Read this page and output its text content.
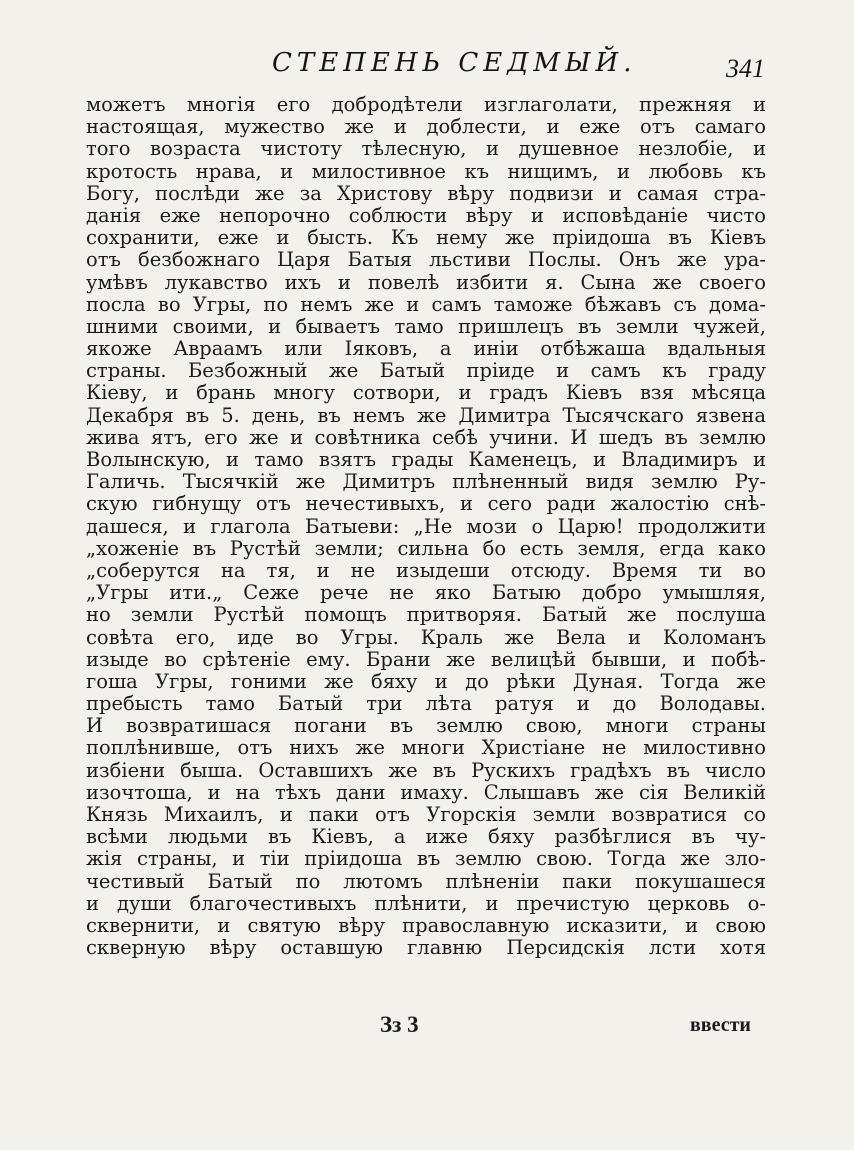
СТЕПЕНЬ СЕДМЫЙ.	341
можетъ многія его добродѣтели изглаголати, прежняя и
настоящая, мужество же и доблести, и еже отъ самаго
того возраста чистоту тѣлесную, и душевное незлобіе, и
кротость нрава, и милостивное къ нищимъ, и любовь къ
Богу, послѣди же за Христову вѣру подвизи и самая стра-
данія еже непорочно соблюсти вѣру и исповѣданіе чисто
сохранити, еже и бысть. Къ нему же пріидоша въ Кіевъ
отъ безбожнаго Царя Батыя льстиви Послы. Онъ же ура-
умѣвъ лукавство ихъ и повелѣ избити я. Сына же своего
посла во Угры, по немъ же и самъ таможе бѣжавъ съ дома-
шними своими, и бываетъ тамо пришлецъ въ земли чужей,
якоже Авраамъ или Іяковъ, а иніи отбѣжаша вдальныя
страны. Безбожный же Батый пріиде и самъ къ граду
Кіеву, и брань многу сотвори, и градъ Кіевъ взя мѣсяца
Декабря въ 5. день, въ немъ же Димитра Тысячскаго язвена
жива ятъ, его же и совѣтника себѣ учини. И шедъ въ землю
Волынскую, и тамо взятъ грады Каменецъ, и Владимиръ и
Галичь. Тысячкій же Димитръ плѣненный видя землю Ру-
скую гибнущу отъ нечестивыхъ, и сего ради жалостію снѣ-
дашеся, и глагола Батыеви: „Не мози о Царю! продолжити
„хоженіе въ Рустѣй земли; сильна бо есть земля, егда како
„соберутся на тя, и не изыдеши отсюду. Время ти во
„Угры ити.„ Сеже рече не яко Батыю добро умышляя,
но земли Рустѣй помощъ притворяя. Батый же послуша
совѣта его, иде во Угры. Краль же Вела и Коломанъ
изыде во срѣтеніе ему. Брани же велицѣй бывши, и побѣ-
гоша Угры, гоними же бяху и до рѣки Дуная. Тогда же
пребысть тамо Батый три лѣта ратуя и до Володавы.
И возвратишася погани въ землю свою, многи страны
поплѣнивше, отъ нихъ же многи Христіане не милостивно
избіени быша. Оставшихъ же въ Рускихъ градѣхъ въ число
изочтоша, и на тѣхъ дани имаху. Слышавъ же сія Великій
Князь Михаилъ, и паки отъ Угорскія земли возвратися со
всѣми людьми въ Кіевъ, а иже бяху разбѣглися въ чу-
жія страны, и тіи пріидоша въ землю свою. Тогда же зло-
честивый Батый по лютомъ плѣненіи паки покушашеся
и души благочестивыхъ плѣнити, и пречистую церковь о-
сквернити, и святую вѣру православную исказити, и свою
скверную вѣру оставшую главню Персидскія лсти хотя
Зз 3	ввести
